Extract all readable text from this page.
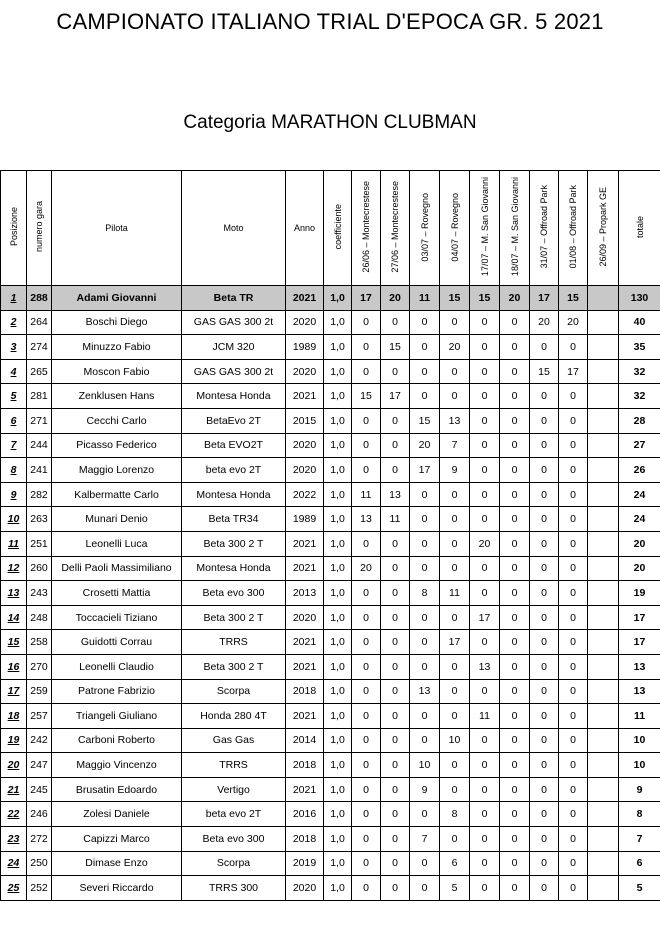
CAMPIONATO ITALIANO TRIAL D'EPOCA GR. 5 2021
Categoria MARATHON CLUBMAN
Posizione	numero gara	Pilota	Moto	Anno	coefficiente	26/06 – Montecrestese	27/06 – Montecrestese	03/07 – Rovegno	04/07 – Rovegno	17/07 – M. San Giovanni	18/07 – M. San Giovanni	31/07 – Offroad Park	01/08 – Offroad Park	26/09 – Propark GE	totale
1	288	Adami Giovanni	Beta TR	2021	1,0	17	20	11	15	15	20	17	15		130
2	264	Boschi Diego	GAS GAS 300 2t	2020	1,0	0	0	0	0	0	0	20	20		40
3	274	Minuzzo Fabio	JCM 320	1989	1,0	0	15	0	20	0	0	0	0		35
4	265	Moscon Fabio	GAS GAS 300 2t	2020	1,0	0	0	0	0	0	0	15	17		32
5	281	Zenklusen Hans	Montesa Honda	2021	1,0	15	17	0	0	0	0	0	0		32
6	271	Cecchi Carlo	BetaEvo 2T	2015	1,0	0	0	15	13	0	0	0	0		28
7	244	Picasso Federico	Beta EVO2T	2020	1,0	0	0	20	7	0	0	0	0		27
8	241	Maggio Lorenzo	beta evo 2T	2020	1,0	0	0	17	9	0	0	0	0		26
9	282	Kalbermatte Carlo	Montesa Honda	2022	1,0	11	13	0	0	0	0	0	0		24
10	263	Munari Denio	Beta TR34	1989	1,0	13	11	0	0	0	0	0	0		24
11	251	Leonelli Luca	Beta 300 2 T	2021	1,0	0	0	0	0	20	0	0	0		20
12	260	Delli Paoli Massimiliano	Montesa Honda	2021	1,0	20	0	0	0	0	0	0	0		20
13	243	Crosetti Mattia	Beta evo 300	2013	1,0	0	0	8	11	0	0	0	0		19
14	248	Toccacieli Tiziano	Beta 300 2 T	2020	1,0	0	0	0	0	17	0	0	0		17
15	258	Guidotti Corrau	TRRS	2021	1,0	0	0	0	17	0	0	0	0		17
16	270	Leonelli Claudio	Beta 300 2 T	2021	1,0	0	0	0	0	13	0	0	0		13
17	259	Patrone Fabrizio	Scorpa	2018	1,0	0	0	13	0	0	0	0	0		13
18	257	Triangeli Giuliano	Honda 280 4T	2021	1,0	0	0	0	0	11	0	0	0		11
19	242	Carboni Roberto	Gas Gas	2014	1,0	0	0	0	10	0	0	0	0		10
20	247	Maggio Vincenzo	TRRS	2018	1,0	0	0	10	0	0	0	0	0		10
21	245	Brusatin Edoardo	Vertigo	2021	1,0	0	0	9	0	0	0	0	0		9
22	246	Zolesi Daniele	beta evo 2T	2016	1,0	0	0	0	8	0	0	0	0		8
23	272	Capizzi Marco	Beta evo 300	2018	1,0	0	0	7	0	0	0	0	0		7
24	250	Dimase Enzo	Scorpa	2019	1,0	0	0	0	6	0	0	0	0		6
25	252	Severi Riccardo	TRRS 300	2020	1,0	0	0	0	5	0	0	0	0		5
